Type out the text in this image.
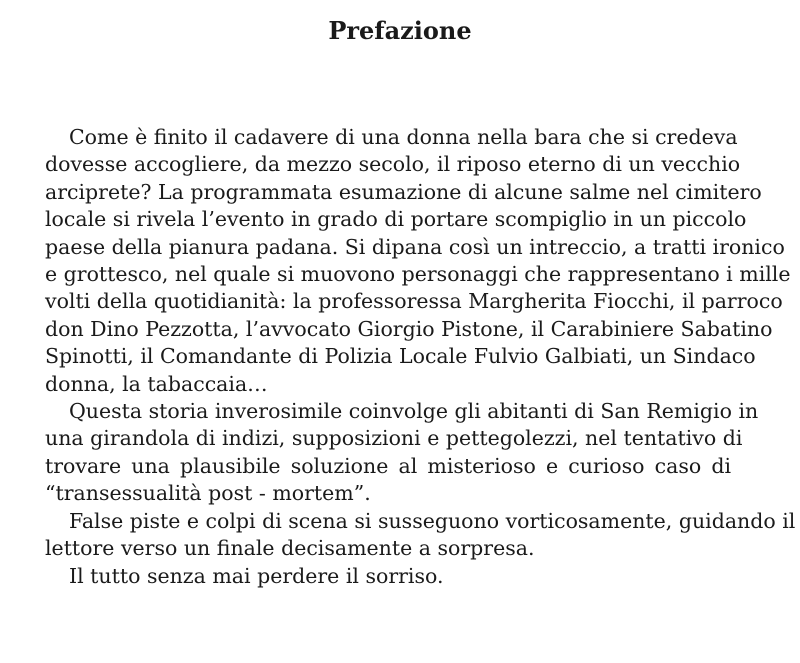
Prefazione

Come è finito il cadavere di una donna nella bara che si credeva
dovesse accogliere, da mezzo secolo, il riposo eterno di un vecchio
arciprete? La programmata esumazione di alcune salme nel cimitero
locale si rivela l’evento in grado di portare scompiglio in un piccolo
paese della pianura padana. Si dipana così un intreccio, a tratti ironico
e grottesco, nel quale si muovono personaggi che rappresentano i mille
volti della quotidianità: la professoressa Margherita Fiocchi, il parroco
don Dino Pezzotta, l’avvocato Giorgio Pistone, il Carabiniere Sabatino
Spinotti, il Comandante di Polizia Locale Fulvio Galbiati, un Sindaco
donna, la tabaccaia…

Questa storia inverosimile coinvolge gli abitanti di San Remigio in
una girandola di indizi, supposizioni e pettegolezzi, nel tentativo di
trovare una plausibile soluzione al misterioso e curioso caso di
“transessualità post - mortem”.

False piste e colpi di scena si susseguono vorticosamente, guidando il
lettore verso un finale decisamente a sorpresa.

Il tutto senza mai perdere il sorriso.
